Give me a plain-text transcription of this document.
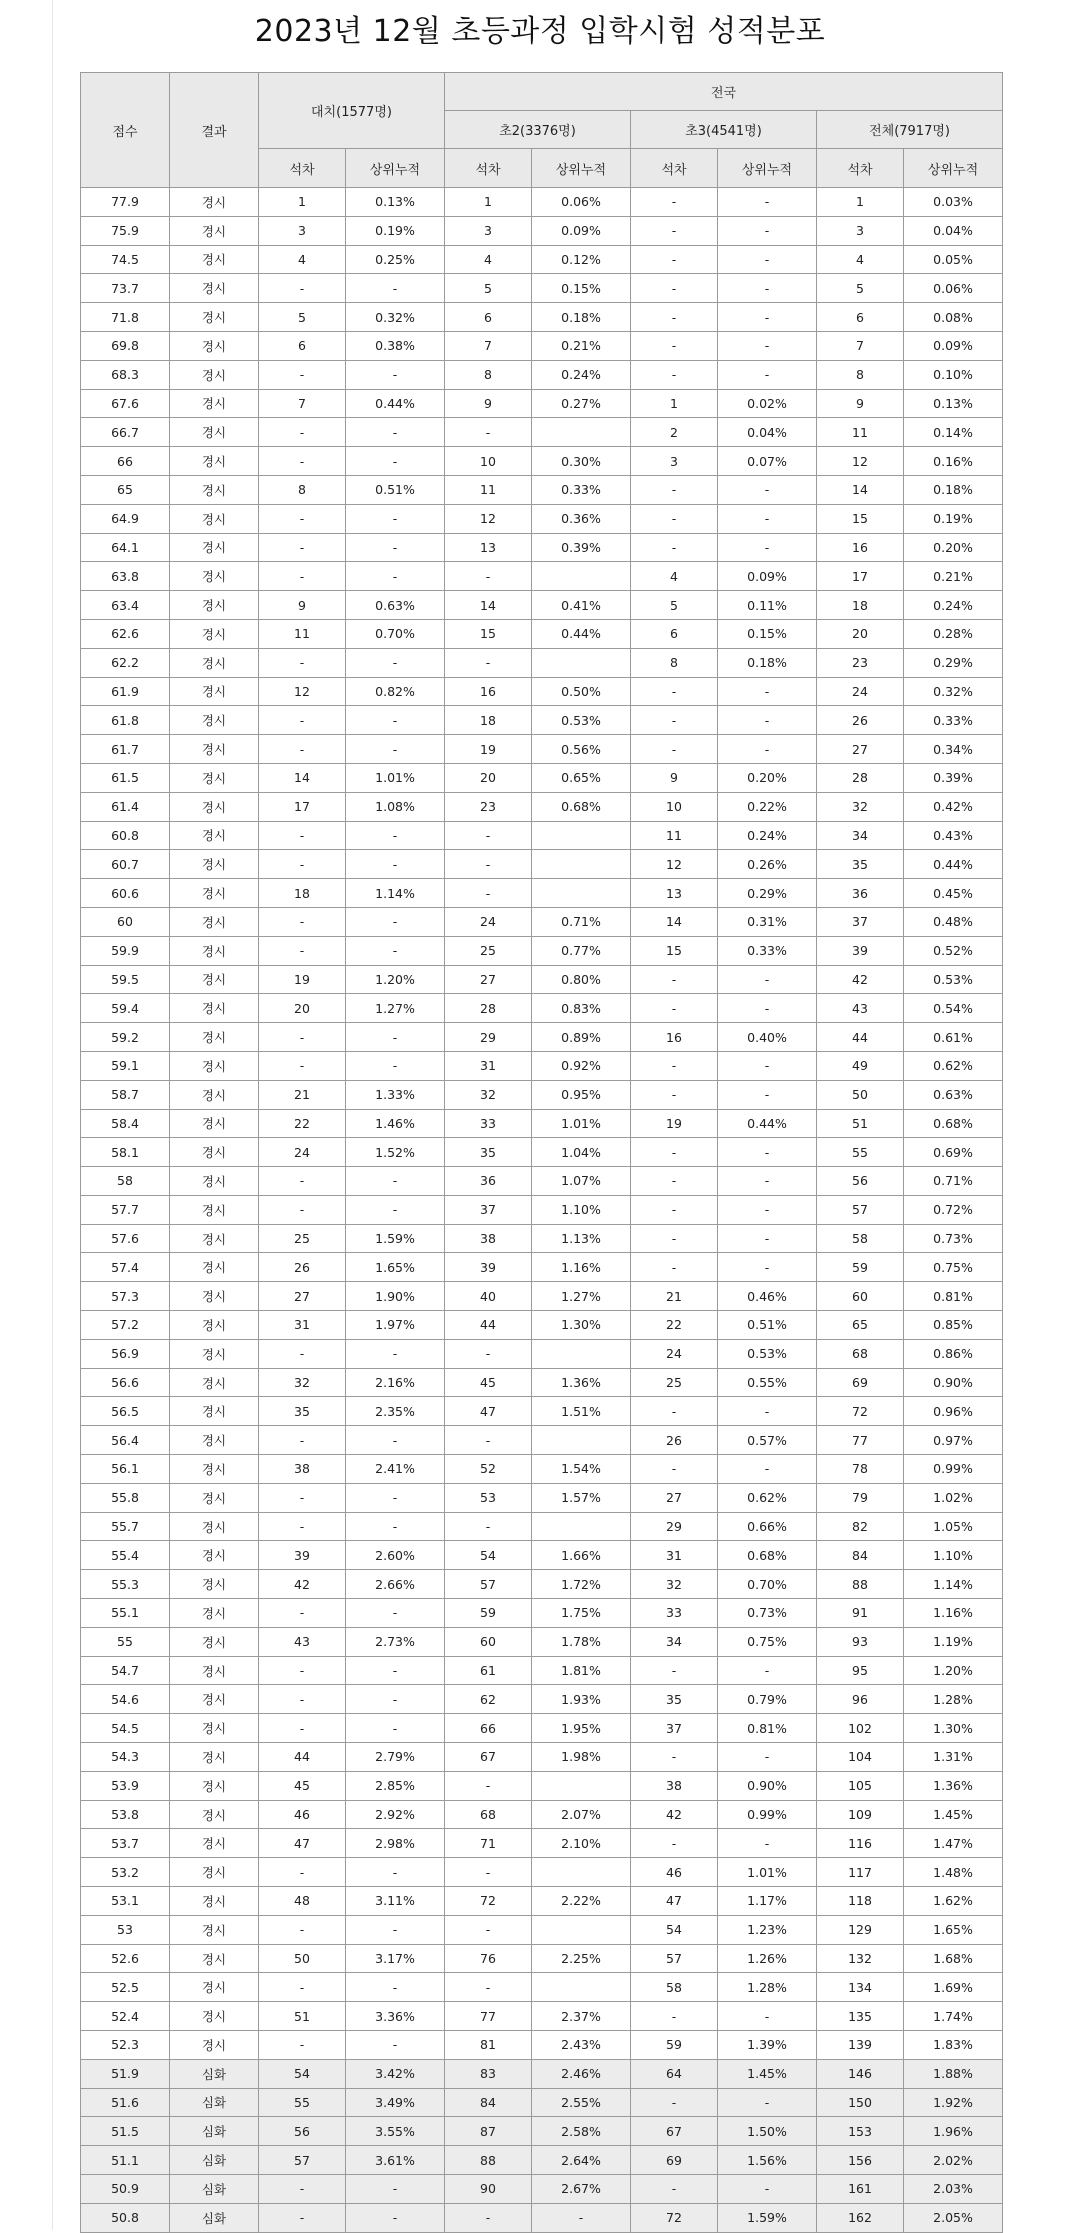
2023년 12월 초등과정 입학시험 성적분포
점수	결과	대치(1577명)		전국					
				초2(3376명)		초3(4541명)		전체(7917명)	
		석차	상위누적	석차	상위누적	석차	상위누적	석차	상위누적
77.9	경시	1	0.13%	1	0.06%	-	-	1	0.03%
75.9	경시	3	0.19%	3	0.09%	-	-	3	0.04%
74.5	경시	4	0.25%	4	0.12%	-	-	4	0.05%
73.7	경시	-	-	5	0.15%	-	-	5	0.06%
71.8	경시	5	0.32%	6	0.18%	-	-	6	0.08%
69.8	경시	6	0.38%	7	0.21%	-	-	7	0.09%
68.3	경시	-	-	8	0.24%	-	-	8	0.10%
67.6	경시	7	0.44%	9	0.27%	1	0.02%	9	0.13%
66.7	경시	-	-	-		2	0.04%	11	0.14%
66	경시	-	-	10	0.30%	3	0.07%	12	0.16%
65	경시	8	0.51%	11	0.33%	-	-	14	0.18%
64.9	경시	-	-	12	0.36%	-	-	15	0.19%
64.1	경시	-	-	13	0.39%	-	-	16	0.20%
63.8	경시	-	-	-		4	0.09%	17	0.21%
63.4	경시	9	0.63%	14	0.41%	5	0.11%	18	0.24%
62.6	경시	11	0.70%	15	0.44%	6	0.15%	20	0.28%
62.2	경시	-	-	-		8	0.18%	23	0.29%
61.9	경시	12	0.82%	16	0.50%	-	-	24	0.32%
61.8	경시	-	-	18	0.53%	-	-	26	0.33%
61.7	경시	-	-	19	0.56%	-	-	27	0.34%
61.5	경시	14	1.01%	20	0.65%	9	0.20%	28	0.39%
61.4	경시	17	1.08%	23	0.68%	10	0.22%	32	0.42%
60.8	경시	-	-	-		11	0.24%	34	0.43%
60.7	경시	-	-	-		12	0.26%	35	0.44%
60.6	경시	18	1.14%	-		13	0.29%	36	0.45%
60	경시	-	-	24	0.71%	14	0.31%	37	0.48%
59.9	경시	-	-	25	0.77%	15	0.33%	39	0.52%
59.5	경시	19	1.20%	27	0.80%	-	-	42	0.53%
59.4	경시	20	1.27%	28	0.83%	-	-	43	0.54%
59.2	경시	-	-	29	0.89%	16	0.40%	44	0.61%
59.1	경시	-	-	31	0.92%	-	-	49	0.62%
58.7	경시	21	1.33%	32	0.95%	-	-	50	0.63%
58.4	경시	22	1.46%	33	1.01%	19	0.44%	51	0.68%
58.1	경시	24	1.52%	35	1.04%	-	-	55	0.69%
58	경시	-	-	36	1.07%	-	-	56	0.71%
57.7	경시	-	-	37	1.10%	-	-	57	0.72%
57.6	경시	25	1.59%	38	1.13%	-	-	58	0.73%
57.4	경시	26	1.65%	39	1.16%	-	-	59	0.75%
57.3	경시	27	1.90%	40	1.27%	21	0.46%	60	0.81%
57.2	경시	31	1.97%	44	1.30%	22	0.51%	65	0.85%
56.9	경시	-	-	-		24	0.53%	68	0.86%
56.6	경시	32	2.16%	45	1.36%	25	0.55%	69	0.90%
56.5	경시	35	2.35%	47	1.51%	-	-	72	0.96%
56.4	경시	-	-	-		26	0.57%	77	0.97%
56.1	경시	38	2.41%	52	1.54%	-	-	78	0.99%
55.8	경시	-	-	53	1.57%	27	0.62%	79	1.02%
55.7	경시	-	-	-		29	0.66%	82	1.05%
55.4	경시	39	2.60%	54	1.66%	31	0.68%	84	1.10%
55.3	경시	42	2.66%	57	1.72%	32	0.70%	88	1.14%
55.1	경시	-	-	59	1.75%	33	0.73%	91	1.16%
55	경시	43	2.73%	60	1.78%	34	0.75%	93	1.19%
54.7	경시	-	-	61	1.81%	-	-	95	1.20%
54.6	경시	-	-	62	1.93%	35	0.79%	96	1.28%
54.5	경시	-	-	66	1.95%	37	0.81%	102	1.30%
54.3	경시	44	2.79%	67	1.98%	-	-	104	1.31%
53.9	경시	45	2.85%	-		38	0.90%	105	1.36%
53.8	경시	46	2.92%	68	2.07%	42	0.99%	109	1.45%
53.7	경시	47	2.98%	71	2.10%	-	-	116	1.47%
53.2	경시	-	-	-		46	1.01%	117	1.48%
53.1	경시	48	3.11%	72	2.22%	47	1.17%	118	1.62%
53	경시	-	-	-		54	1.23%	129	1.65%
52.6	경시	50	3.17%	76	2.25%	57	1.26%	132	1.68%
52.5	경시	-	-	-		58	1.28%	134	1.69%
52.4	경시	51	3.36%	77	2.37%	-	-	135	1.74%
52.3	경시	-	-	81	2.43%	59	1.39%	139	1.83%
51.9	심화	54	3.42%	83	2.46%	64	1.45%	146	1.88%
51.6	심화	55	3.49%	84	2.55%	-	-	150	1.92%
51.5	심화	56	3.55%	87	2.58%	67	1.50%	153	1.96%
51.1	심화	57	3.61%	88	2.64%	69	1.56%	156	2.02%
50.9	심화	-	-	90	2.67%	-	-	161	2.03%
50.8	심화	-	-	-	-	72	1.59%	162	2.05%
